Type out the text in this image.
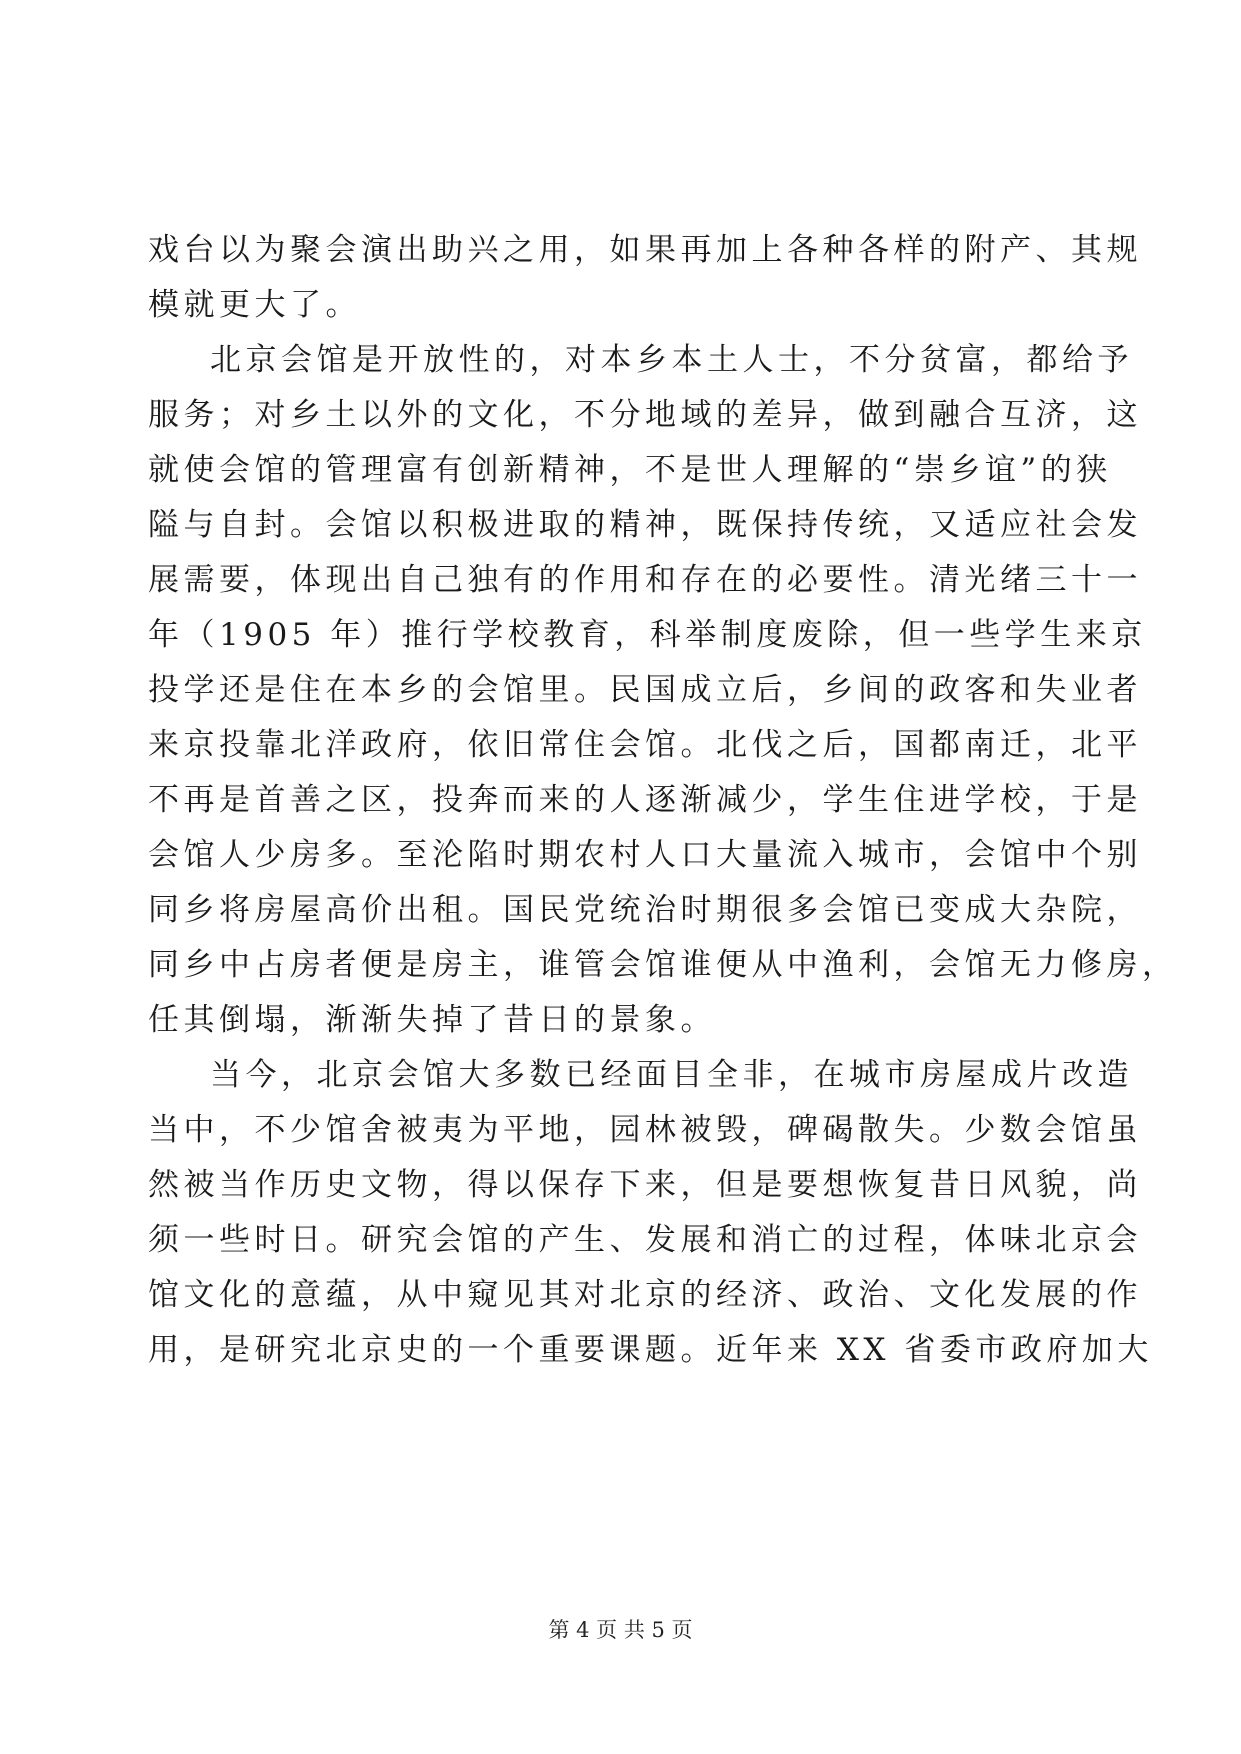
戏台以为聚会演出助兴之用，如果再加上各种各样的附产、其规
模就更大了。
北京会馆是开放性的，对本乡本土人士，不分贫富，都给予
服务；对乡土以外的文化，不分地域的差异，做到融合互济，这
就使会馆的管理富有创新精神，不是世人理解的“崇乡谊”的狭
隘与自封。会馆以积极进取的精神，既保持传统，又适应社会发
展需要，体现出自己独有的作用和存在的必要性。清光绪三十一
年（1905 年）推行学校教育，科举制度废除，但一些学生来京
投学还是住在本乡的会馆里。民国成立后，乡间的政客和失业者
来京投靠北洋政府，依旧常住会馆。北伐之后，国都南迁，北平
不再是首善之区，投奔而来的人逐渐减少，学生住进学校，于是
会馆人少房多。至沦陷时期农村人口大量流入城市，会馆中个别
同乡将房屋高价出租。国民党统治时期很多会馆已变成大杂院，
同乡中占房者便是房主，谁管会馆谁便从中渔利，会馆无力修房，
任其倒塌，渐渐失掉了昔日的景象。
当今，北京会馆大多数已经面目全非，在城市房屋成片改造
当中，不少馆舍被夷为平地，园林被毁，碑碣散失。少数会馆虽
然被当作历史文物，得以保存下来，但是要想恢复昔日风貌，尚
须一些时日。研究会馆的产生、发展和消亡的过程，体味北京会
馆文化的意蕴，从中窥见其对北京的经济、政治、文化发展的作
用，是研究北京史的一个重要课题。近年来 XX 省委市政府加大
第 4 页 共 5 页
